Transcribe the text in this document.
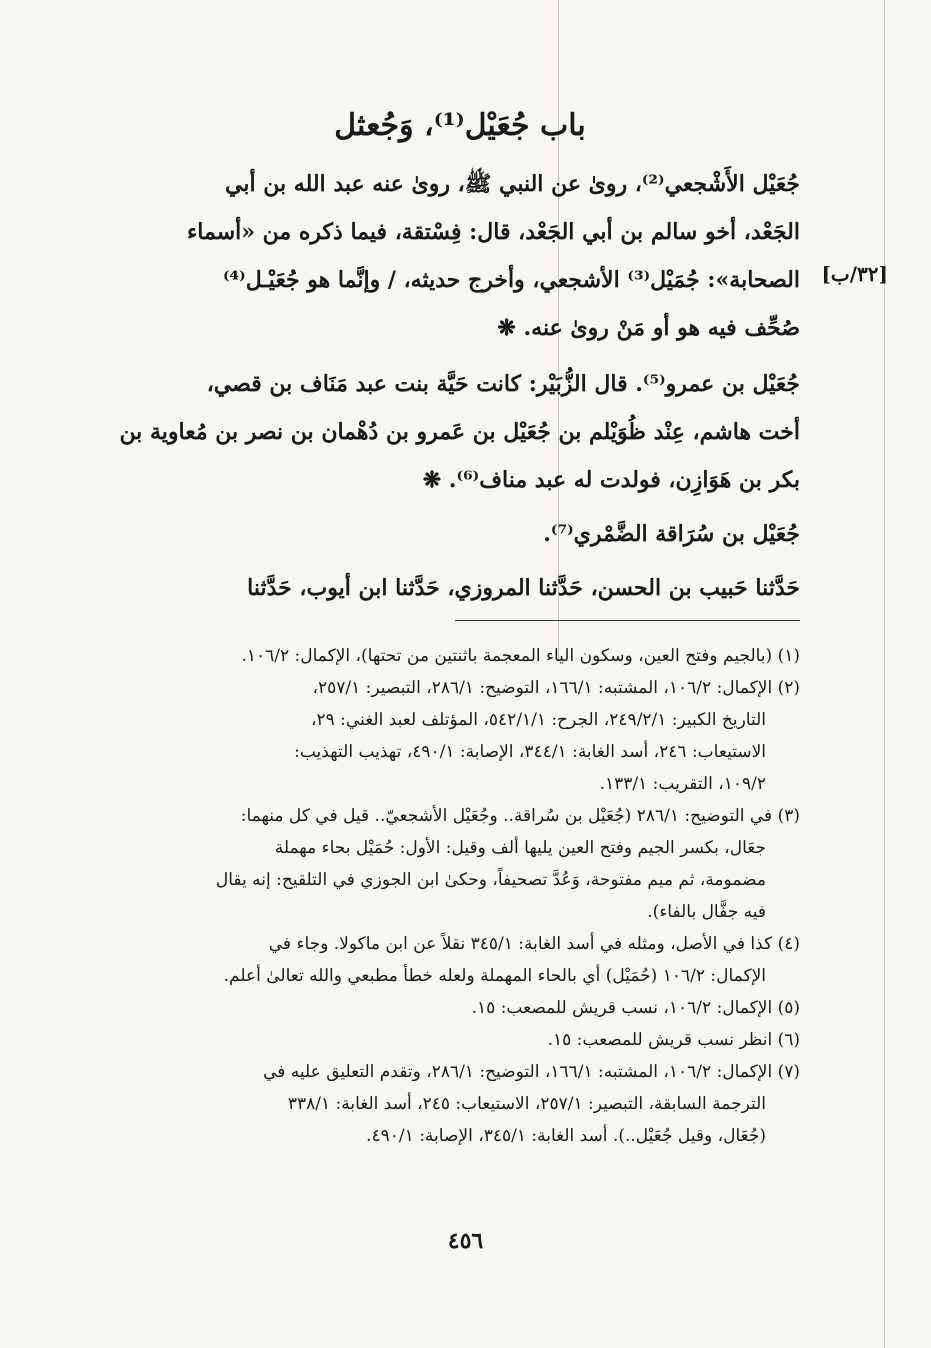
باب جُعَيْل⁽¹⁾، وَجُعثل
[٣٢/ب]
جُعَيْل الأَشْجعي⁽²⁾، روىٰ عن النبي ﷺ، روىٰ عنه عبد الله بن أبي
الجَعْد، أخو سالم بن أبي الجَعْد، قال: فِسْتقة، فيما ذكره من «أسماء
الصحابة»: جُمَيْل⁽³⁾ الأشجعي، وأخرج حديثه، / وإنَّما هو جُعَيْـل⁽⁴⁾
صُحِّف فيه هو أو مَنْ روىٰ عنه. ❋
جُعَيْل بن عمرو⁽⁵⁾. قال الزُّبَيْر: كانت حَيَّة بنت عبد مَنَاف بن قصي،
أخت هاشم، عِنْد ظُوَيْلم بن جُعَيْل بن عَمرو بن دُهْمان بن نصر بن مُعاوية بن
بكر بن هَوَازِن، فولدت له عبد مناف⁽⁶⁾. ❋
جُعَيْل بن سُرَاقة الضَّمْري⁽⁷⁾.
حَدَّثنا حَبيب بن الحسن، حَدَّثنا المروزي، حَدَّثنا ابن أيوب، حَدَّثنا
(١) (بالجيم وفتح العين، وسكون الياء المعجمة باثنتين من تحتها)، الإكمال: ١٠٦/٢.
(٢) الإكمال: ١٠٦/٢، المشتبه: ١٦٦/١، التوضيح: ٢٨٦/١، التبصير: ٢٥٧/١،
التاريخ الكبير: ٢٤٩/٢/١، الجرح: ٥٤٢/١/١، المؤتلف لعبد الغني: ٢٩،
الاستيعاب: ٢٤٦، أسد الغابة: ٣٤٤/١، الإصابة: ٤٩٠/١، تهذيب التهذيب:
١٠٩/٢، التقريب: ١٣٣/١.
(٣) في التوضيح: ٢٨٦/١ (جُعَيْل بن سُراقة.. وجُعَيْل الأشجعيّ.. قيل في كل منهما:
جعَال، بكسر الجيم وفتح العين يليها ألف وقيل: الأول: حُمَيْل بحاء مهملة
مضمومة، ثم ميم مفتوحة، وَعُدَّ تصحيفاً، وحكىٰ ابن الجوزي في التلقيح: إنه يقال
فيه جفَّال بالفاء).
(٤) كذا في الأصل، ومثله في أسد الغابة: ٣٤٥/١ نقلاً عن ابن ماكولا. وجاء في
الإكمال: ١٠٦/٢ (حُمَيْل) أي بالحاء المهملة ولعله خطأ مطبعي والله تعالىٰ أعلم.
(٥) الإكمال: ١٠٦/٢، نسب قريش للمصعب: ١٥.
(٦) انظر نسب قريش للمصعب: ١٥.
(٧) الإكمال: ١٠٦/٢، المشتبه: ١٦٦/١، التوضيح: ٢٨٦/١، وتقدم التعليق عليه في
الترجمة السابقة، التبصير: ٢٥٧/١، الاستيعاب: ٢٤٥، أسد الغابة: ٣٣٨/١
(جُعَال، وقيل جُعَيْل..). أسد الغابة: ٣٤٥/١، الإصابة: ٤٩٠/١.
٤٥٦
